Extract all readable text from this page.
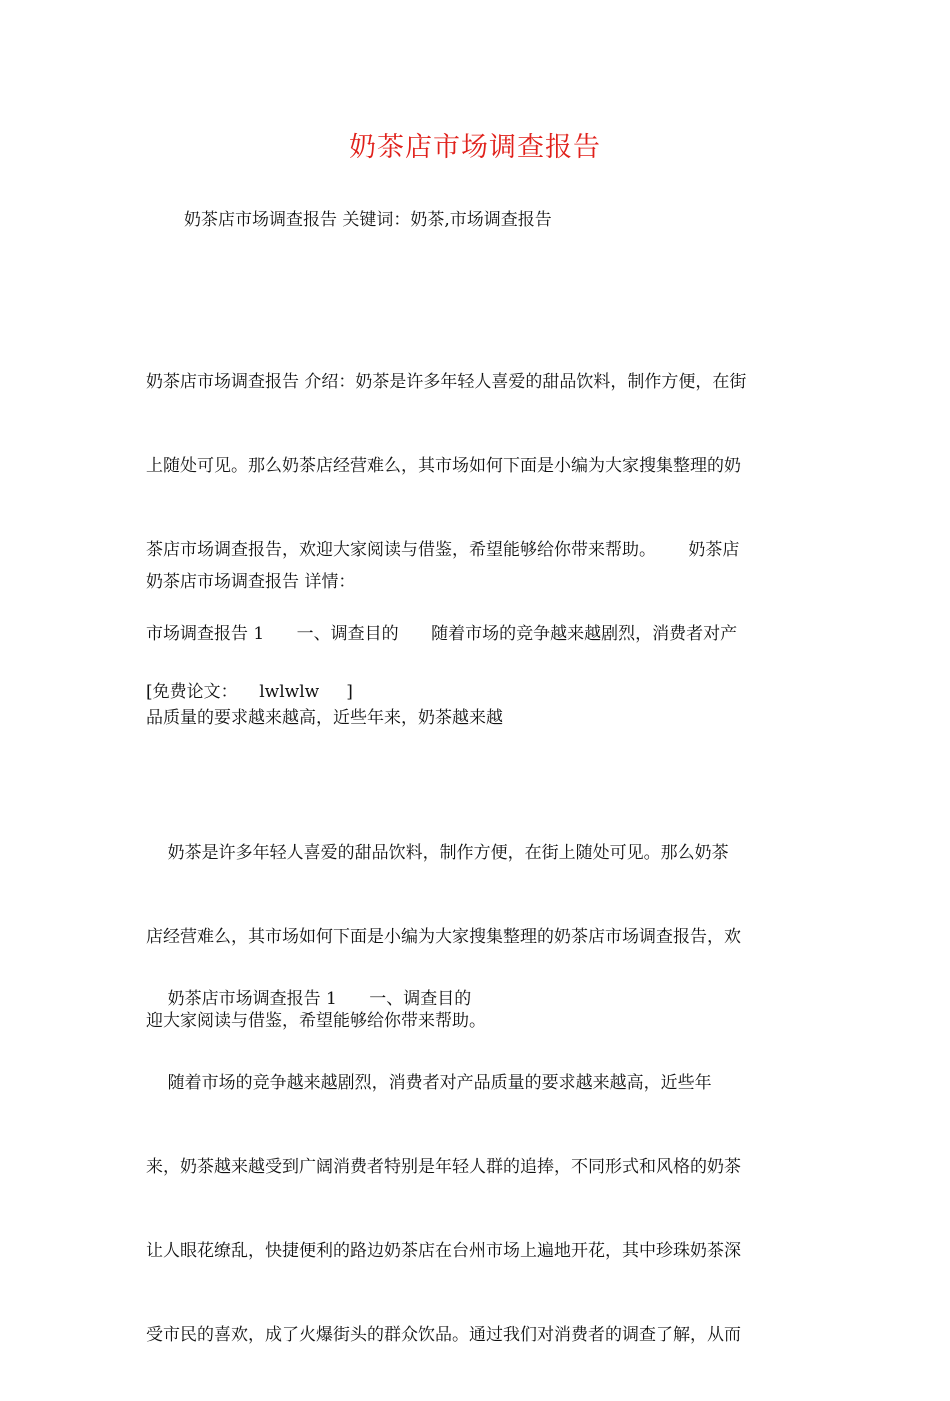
奶茶店市场调查报告
奶茶店市场调查报告 关键词：奶茶,市场调查报告

奶茶店市场调查报告 介绍：奶茶是许多年轻人喜爱的甜品饮料，制作方便，在街

上随处可见。那么奶茶店经营难么，其市场如何下面是小编为大家搜集整理的奶

茶店市场调查报告，欢迎大家阅读与借鉴，希望能够给你带来帮助。      奶茶店

市场调查报告 1      一、调查目的      随着市场的竞争越来越剧烈，消费者对产

品质量的要求越来越高，近些年来，奶茶越来越

奶茶店市场调查报告 详情：
[免费论文：    lwlwlw     ]

奶茶是许多年轻人喜爱的甜品饮料，制作方便，在街上随处可见。那么奶茶

店经营难么，其市场如何下面是小编为大家搜集整理的奶茶店市场调查报告，欢

迎大家阅读与借鉴，希望能够给你带来帮助。

奶茶店市场调查报告 1      一、调查目的

随着市场的竞争越来越剧烈，消费者对产品质量的要求越来越高，近些年

来，奶茶越来越受到广阔消费者特别是年轻人群的追捧，不同形式和风格的奶茶

让人眼花缭乱，快捷便利的路边奶茶店在台州市场上遍地开花，其中珍珠奶茶深

受市民的喜欢，成了火爆街头的群众饮品。通过我们对消费者的调查了解，从而
